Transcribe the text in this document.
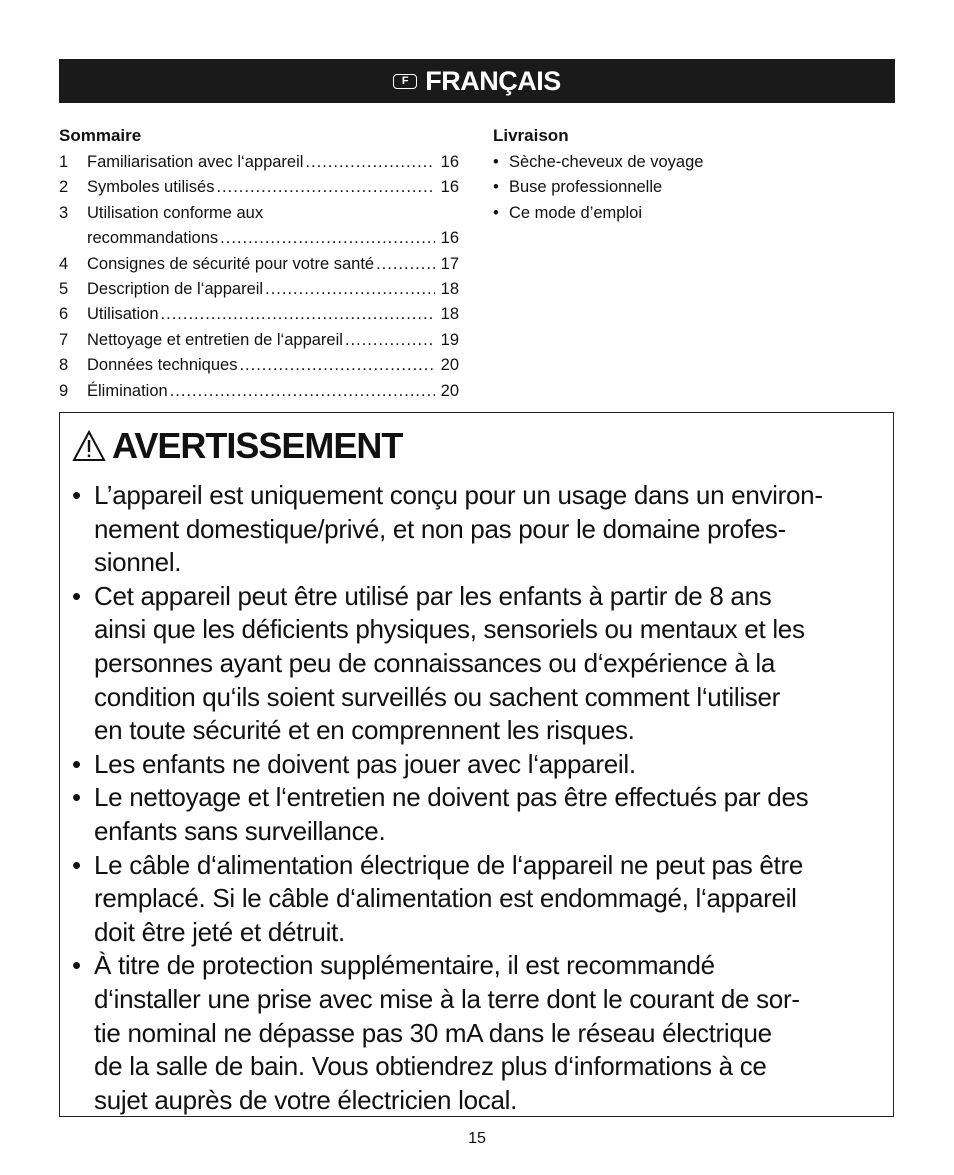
F FRANÇAIS
Sommaire
1	Familiarisation avec l‘appareil .....	16
2	Symboles utilisés .....	16
3	Utilisation conforme aux
recommandations .....	16
4	Consignes de sécurité pour votre santé .....	17
5	Description de l‘appareil .....	18
6	Utilisation .....	18
7	Nettoyage et entretien de l‘appareil .....	19
8	Données techniques .....	20
9	Élimination .....	20
Livraison
• Sèche-cheveux de voyage
• Buse professionnelle
• Ce mode d’emploi
AVERTISSEMENT
• L’appareil est uniquement conçu pour un usage dans un environ-
nement domestique/privé, et non pas pour le domaine profes-
sionnel.
• Cet appareil peut être utilisé par les enfants à partir de 8 ans
ainsi que les déficients physiques, sensoriels ou mentaux et les
personnes ayant peu de connaissances ou d‘expérience à la
condition qu‘ils soient surveillés ou sachent comment l‘utiliser
en toute sécurité et en comprennent les risques.
• Les enfants ne doivent pas jouer avec l‘appareil.
• Le nettoyage et l‘entretien ne doivent pas être effectués par des
enfants sans surveillance.
• Le câble d‘alimentation électrique de l‘appareil ne peut pas être
remplacé. Si le câble d‘alimentation est endommagé, l‘appareil
doit être jeté et détruit.
• À titre de protection supplémentaire, il est recommandé
d‘installer une prise avec mise à la terre dont le courant de sor-
tie nominal ne dépasse pas 30 mA dans le réseau électrique
de la salle de bain. Vous obtiendrez plus d‘informations à ce
sujet auprès de votre électricien local.
15
